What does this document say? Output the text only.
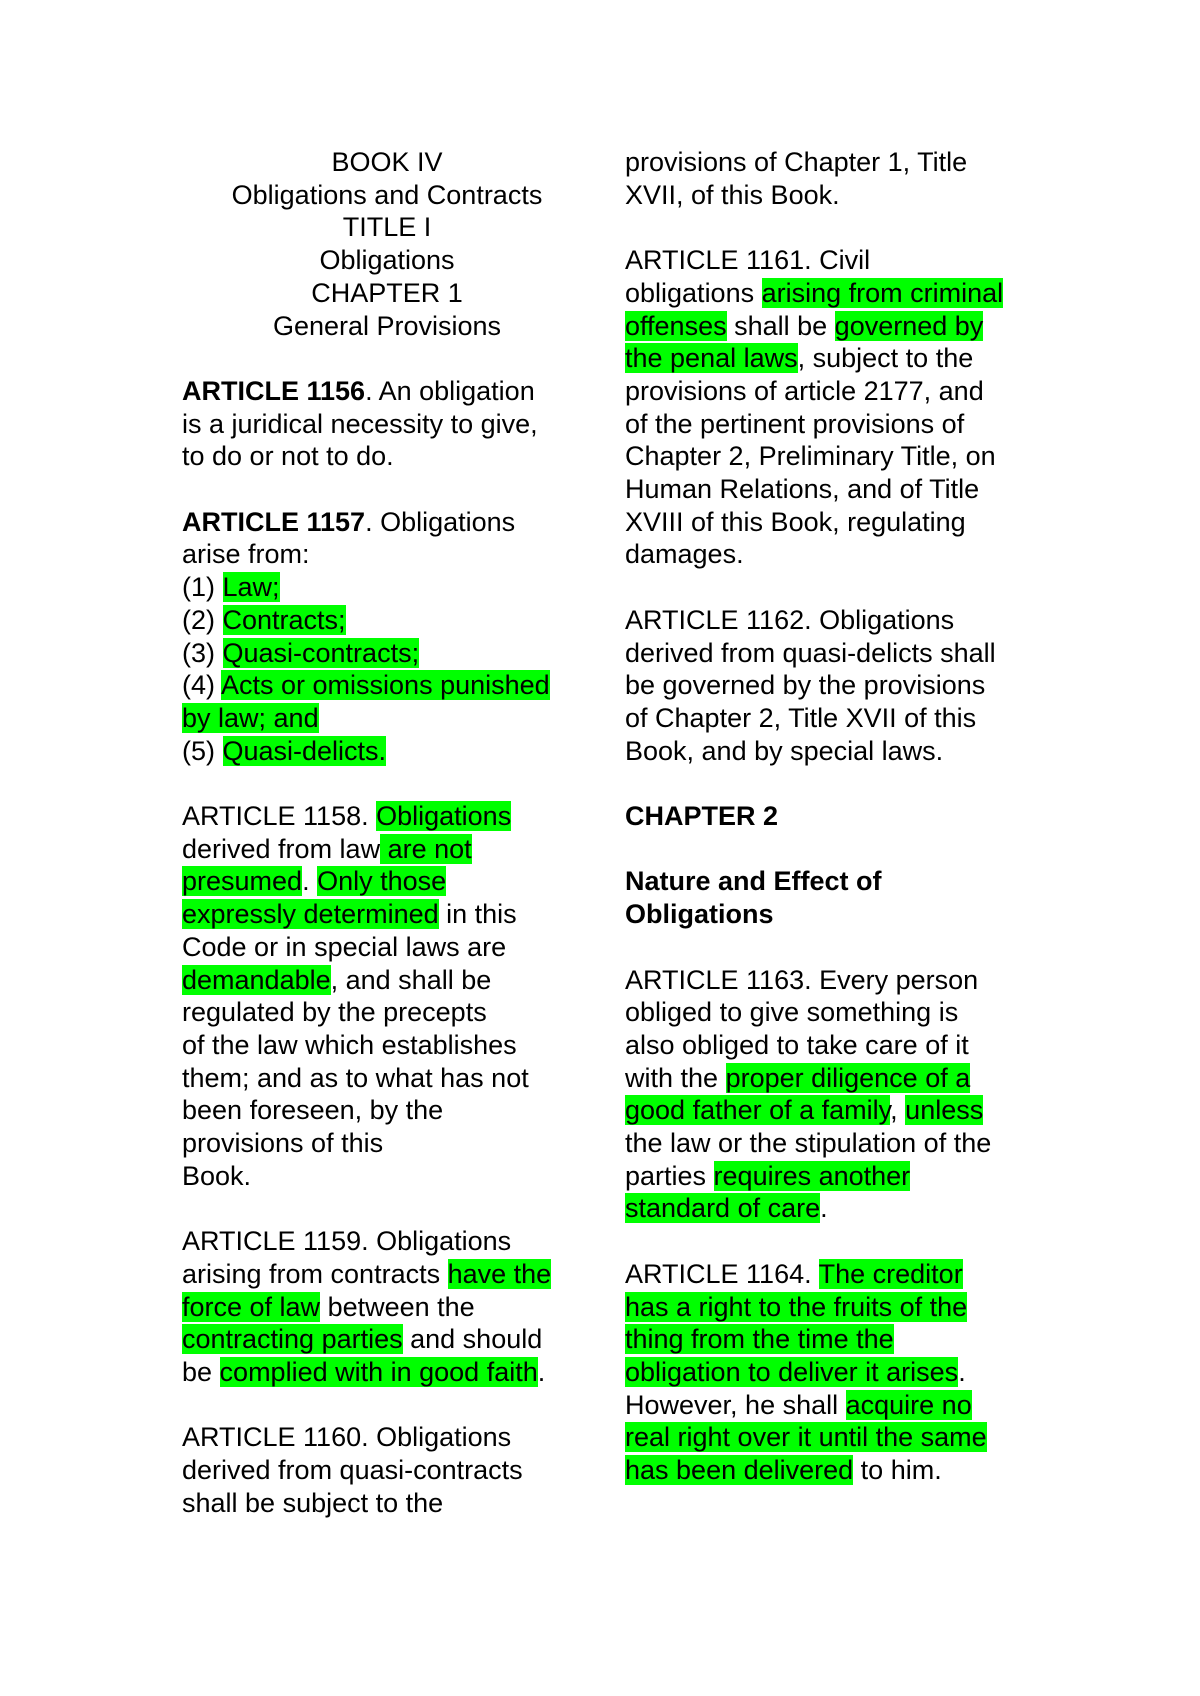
BOOK IV
Obligations and Contracts
TITLE I
Obligations
CHAPTER 1
General Provisions
ARTICLE 1156. An obligation
is a juridical necessity to give,
to do or not to do.
ARTICLE 1157. Obligations
arise from:
(1) Law;
(2) Contracts;
(3) Quasi-contracts;
(4) Acts or omissions punished
by law; and
(5) Quasi-delicts.
ARTICLE 1158. Obligations
derived from law are not
presumed. Only those
expressly determined in this
Code or in special laws are
demandable, and shall be
regulated by the precepts
of the law which establishes
them; and as to what has not
been foreseen, by the
provisions of this
Book.
ARTICLE 1159. Obligations
arising from contracts have the
force of law between the
contracting parties and should
be complied with in good faith.
ARTICLE 1160. Obligations
derived from quasi-contracts
shall be subject to the
provisions of Chapter 1, Title
XVII, of this Book.
ARTICLE 1161. Civil
obligations arising from criminal
offenses shall be governed by
the penal laws, subject to the
provisions of article 2177, and
of the pertinent provisions of
Chapter 2, Preliminary Title, on
Human Relations, and of Title
XVIII of this Book, regulating
damages.
ARTICLE 1162. Obligations
derived from quasi-delicts shall
be governed by the provisions
of Chapter 2, Title XVII of this
Book, and by special laws.
CHAPTER 2
Nature and Effect of
Obligations
ARTICLE 1163. Every person
obliged to give something is
also obliged to take care of it
with the proper diligence of a
good father of a family, unless
the law or the stipulation of the
parties requires another
standard of care.
ARTICLE 1164. The creditor
has a right to the fruits of the
thing from the time the
obligation to deliver it arises.
However, he shall acquire no
real right over it until the same
has been delivered to him.
